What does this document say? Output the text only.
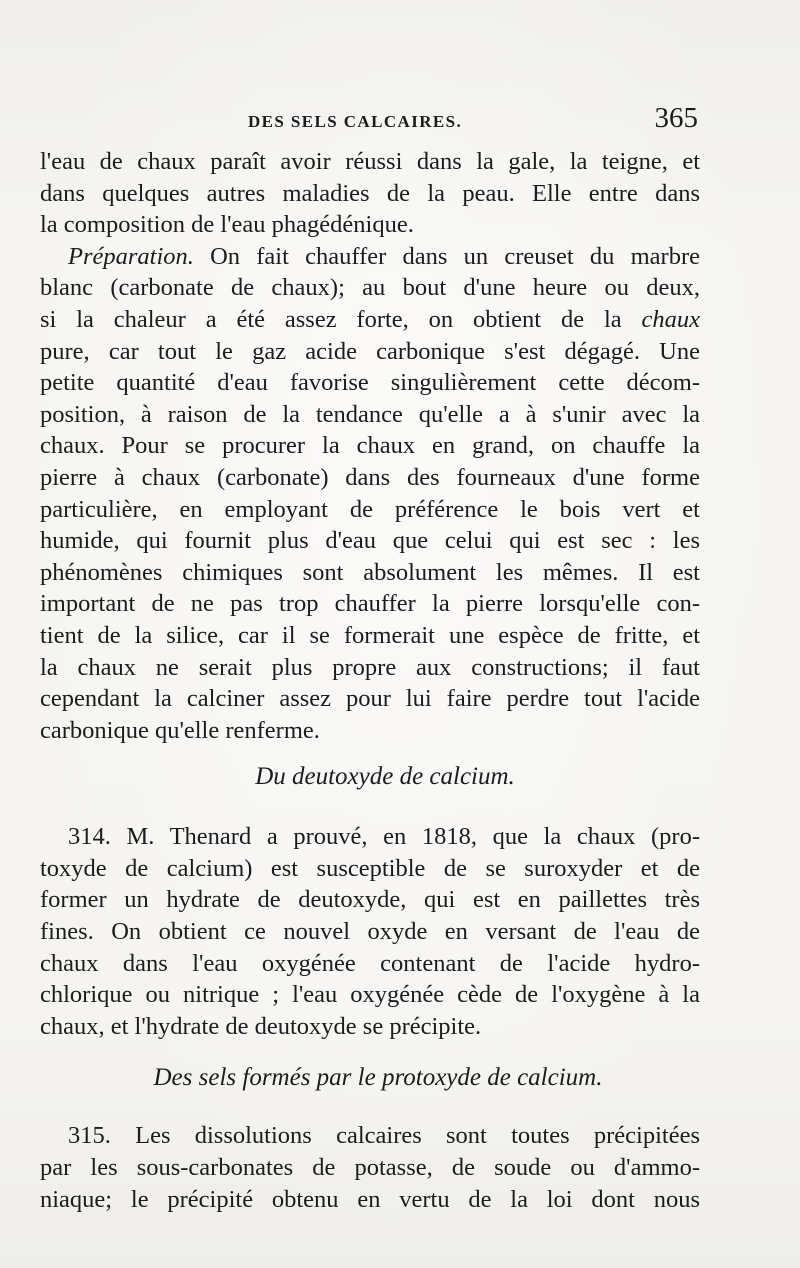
DES SELS CALCAIRES.	365
l'eau de chaux paraît avoir réussi dans la gale, la teigne, et
dans quelques autres maladies de la peau. Elle entre dans
la composition de l'eau phagédénique.
Préparation. On fait chauffer dans un creuset du marbre
blanc (carbonate de chaux); au bout d'une heure ou deux,
si la chaleur a été assez forte, on obtient de la chaux
pure, car tout le gaz acide carbonique s'est dégagé. Une
petite quantité d'eau favorise singulièrement cette décom-
position, à raison de la tendance qu'elle a à s'unir avec la
chaux. Pour se procurer la chaux en grand, on chauffe la
pierre à chaux (carbonate) dans des fourneaux d'une forme
particulière, en employant de préférence le bois vert et
humide, qui fournit plus d'eau que celui qui est sec : les
phénomènes chimiques sont absolument les mêmes. Il est
important de ne pas trop chauffer la pierre lorsqu'elle con-
tient de la silice, car il se formerait une espèce de fritte, et
la chaux ne serait plus propre aux constructions; il faut
cependant la calciner assez pour lui faire perdre tout l'acide
carbonique qu'elle renferme.
Du deutoxyde de calcium.
314. M. Thenard a prouvé, en 1818, que la chaux (pro-
toxyde de calcium) est susceptible de se suroxyder et de
former un hydrate de deutoxyde, qui est en paillettes très
fines. On obtient ce nouvel oxyde en versant de l'eau de
chaux dans l'eau oxygénée contenant de l'acide hydro-
chlorique ou nitrique ; l'eau oxygénée cède de l'oxygène à la
chaux, et l'hydrate de deutoxyde se précipite.
Des sels formés par le protoxyde de calcium.
315. Les dissolutions calcaires sont toutes précipitées
par les sous-carbonates de potasse, de soude ou d'ammo-
niaque; le précipité obtenu en vertu de la loi dont nous
